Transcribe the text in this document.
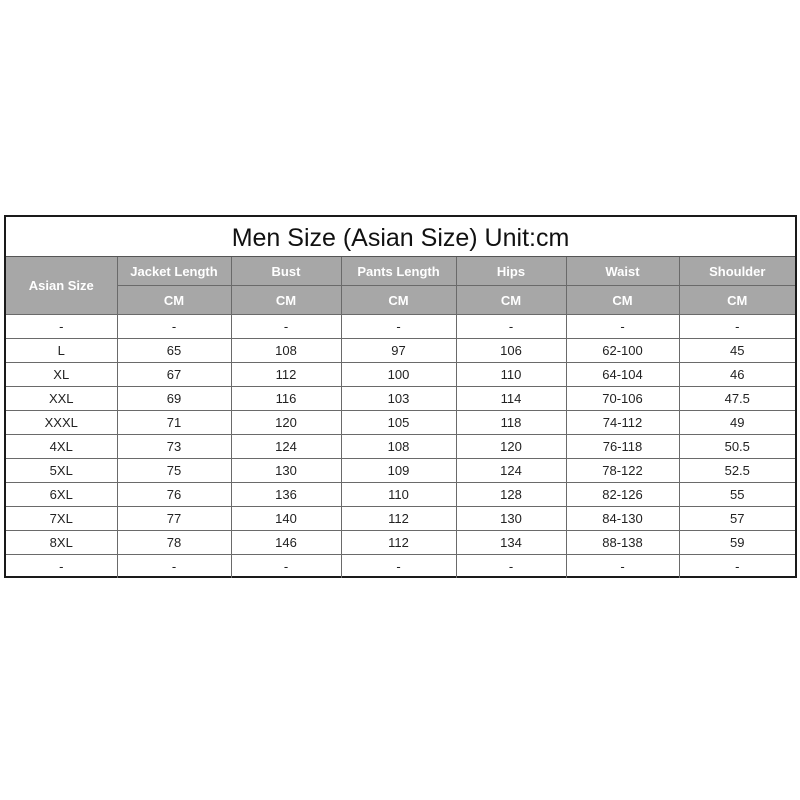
Men Size (Asian Size) Unit:cm
Asian Size	Jacket Length	Bust	Pants Length	Hips	Waist	Shoulder
	CM	CM	CM	CM	CM	CM
-	-	-	-	-	-	-
L	65	108	97	106	62-100	45
XL	67	112	100	110	64-104	46
XXL	69	116	103	114	70-106	47.5
XXXL	71	120	105	118	74-112	49
4XL	73	124	108	120	76-118	50.5
5XL	75	130	109	124	78-122	52.5
6XL	76	136	110	128	82-126	55
7XL	77	140	112	130	84-130	57
8XL	78	146	112	134	88-138	59
-	-	-	-	-	-	-
